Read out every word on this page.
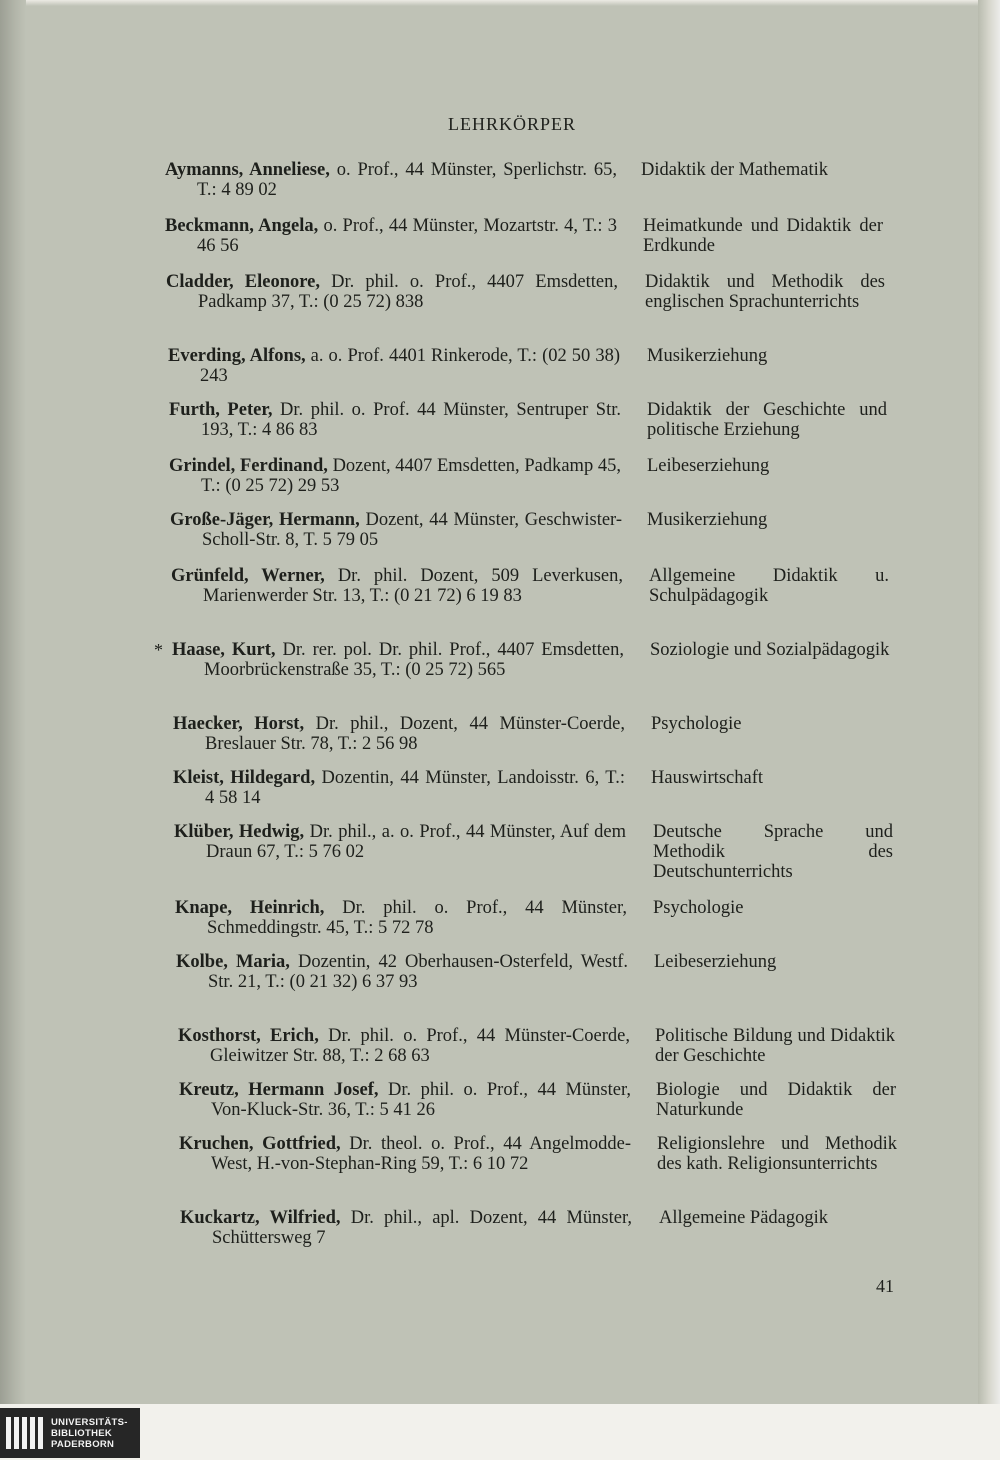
LEHRKÖRPER
Aymanns, Anneliese, o. Prof., 44 Münster, Sperlichstr. 65, T.: 4 89 02
Didaktik der Mathematik
Beckmann, Angela, o. Prof., 44 Münster, Mozartstr. 4, T.: 3 46 56
Heimatkunde und Didaktik der Erdkunde
Cladder, Eleonore, Dr. phil. o. Prof., 4407 Emsdetten, Padkamp 37, T.: (0 25 72) 838
Didaktik und Methodik des englischen Sprachunterrichts
Everding, Alfons, a. o. Prof. 4401 Rinkerode, T.: (02 50 38) 243
Musikerziehung
Furth, Peter, Dr. phil. o. Prof. 44 Münster, Sentruper Str. 193, T.: 4 86 83
Didaktik der Geschichte und politische Erziehung
Grindel, Ferdinand, Dozent, 4407 Emsdetten, Padkamp 45, T.: (0 25 72) 29 53
Leibeserziehung
Große-Jäger, Hermann, Dozent, 44 Münster, Geschwister-Scholl-Str. 8, T. 5 79 05
Musikerziehung
Grünfeld, Werner, Dr. phil. Dozent, 509 Leverkusen, Marienwerder Str. 13, T.: (0 21 72) 6 19 83
Allgemeine Didaktik u. Schulpädagogik
Haase, Kurt, Dr. rer. pol. Dr. phil. Prof., 4407 Emsdetten, Moorbrückenstraße 35, T.: (0 25 72) 565
*	Soziologie und Sozialpädagogik
Haecker, Horst, Dr. phil., Dozent, 44 Münster-Coerde, Breslauer Str. 78, T.: 2 56 98
Psychologie
Kleist, Hildegard, Dozentin, 44 Münster, Landoisstr. 6, T.: 4 58 14
Hauswirtschaft
Klüber, Hedwig, Dr. phil., a. o. Prof., 44 Münster, Auf dem Draun 67, T.: 5 76 02
Deutsche Sprache und Methodik des Deutschunterrichts
Knape, Heinrich, Dr. phil. o. Prof., 44 Münster, Schmeddingstr. 45, T.: 5 72 78
Psychologie
Kolbe, Maria, Dozentin, 42 Oberhausen-Osterfeld, Westf. Str. 21, T.: (0 21 32) 6 37 93
Leibeserziehung
Kosthorst, Erich, Dr. phil. o. Prof., 44 Münster-Coerde, Gleiwitzer Str. 88, T.: 2 68 63
Politische Bildung und Didaktik der Geschichte
Kreutz, Hermann Josef, Dr. phil. o. Prof., 44 Münster, Von-Kluck-Str. 36, T.: 5 41 26
Biologie und Didaktik der Naturkunde
Kruchen, Gottfried, Dr. theol. o. Prof., 44 Angelmodde-West, H.-von-Stephan-Ring 59, T.: 6 10 72
Religionslehre und Methodik des kath. Religionsunterrichts
Kuckartz, Wilfried, Dr. phil., apl. Dozent, 44 Münster, Schüttersweg 7
Allgemeine Pädagogik
41
UNIVERSITÄTS-
BIBLIOTHEK
PADERBORN
